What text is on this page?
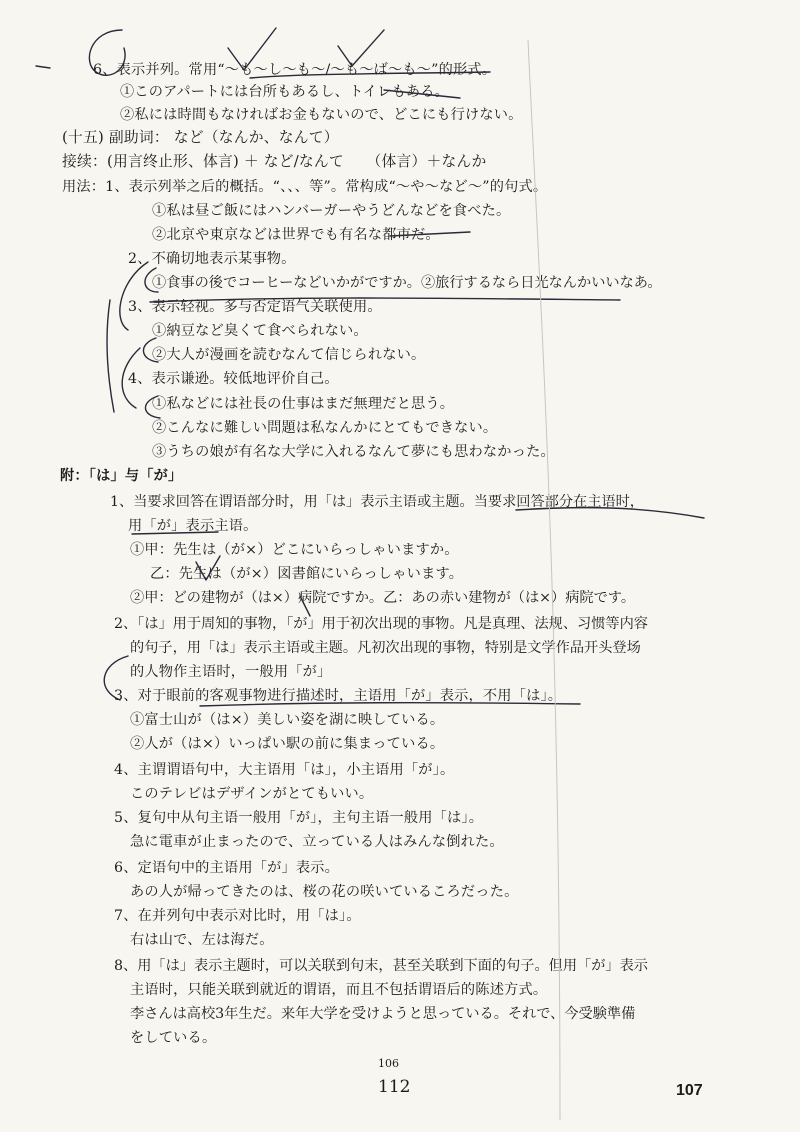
6、表示并列。常用“～も～し～も～/～も～ば～も～”的形式。
①このアパートには台所もあるし、トイレもある。
②私には時間もなければお金もないので、どこにも行けない。
(十五) 副助词： など（なんか、なんて）
接续：(用言终止形、体言) ＋ など/なんて　　（体言）＋なんか
用法：1、表示列举之后的概括。“、、、等”。常构成“～や～など～”的句式。
①私は昼ご飯にはハンバーガーやうどんなどを食べた。
②北京や東京などは世界でも有名な都市だ。
2、不确切地表示某事物。
①食事の後でコーヒーなどいかがですか。②旅行するなら日光なんかいいなあ。
3、表示轻视。多与否定语气关联使用。
①納豆など臭くて食べられない。
②大人が漫画を読むなんて信じられない。
4、表示谦逊。较低地评价自己。
①私などには社長の仕事はまだ無理だと思う。
②こんなに難しい問題は私なんかにとてもできない。
③うちの娘が有名な大学に入れるなんて夢にも思わなかった。
附：「は」与「が」
1、当要求回答在谓语部分时，用「は」表示主语或主题。当要求回答部分在主语时，
用「が」表示主语。
①甲：先生は（が×）どこにいらっしゃいますか。
乙：先生は（が×）図書館にいらっしゃいます。
②甲：どの建物が（は×）病院ですか。乙：あの赤い建物が（は×）病院です。
2、「は」用于周知的事物，「が」用于初次出现的事物。凡是真理、法规、习惯等内容
的句子，用「は」表示主语或主题。凡初次出现的事物，特别是文学作品开头登场
的人物作主语时，一般用「が」
3、对于眼前的客观事物进行描述时，主语用「が」表示，不用「は」。
①富士山が（は×）美しい姿を湖に映している。
②人が（は×）いっぱい駅の前に集まっている。
4、主谓谓语句中，大主语用「は」，小主语用「が」。
このテレビはデザインがとてもいい。
5、复句中从句主语一般用「が」，主句主语一般用「は」。
急に電車が止まったので、立っている人はみんな倒れた。
6、定语句中的主语用「が」表示。
あの人が帰ってきたのは、桜の花の咲いているころだった。
7、在并列句中表示对比时，用「は」。
右は山で、左は海だ。
8、用「は」表示主题时，可以关联到句末，甚至关联到下面的句子。但用「が」表示
主语时，只能关联到就近的谓语，而且不包括谓语后的陈述方式。
李さんは高校3年生だ。来年大学を受けようと思っている。それで、今受験準備
をしている。
106
112	107
